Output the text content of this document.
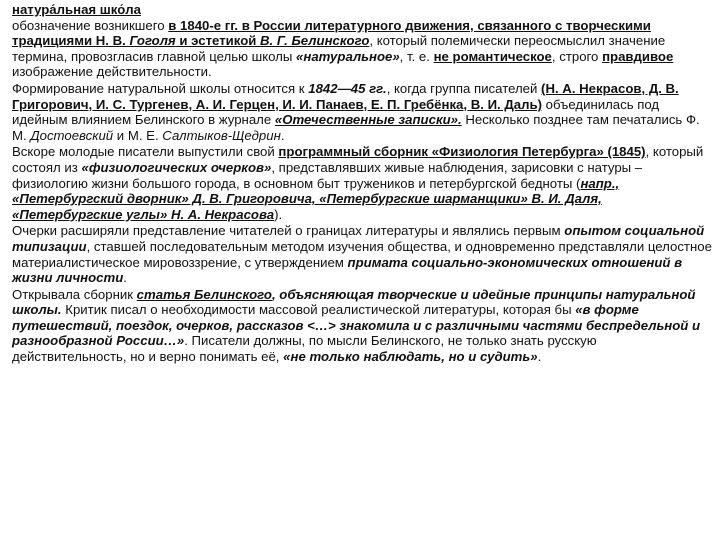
натура́льная шко́ла

обозначение возникшего в 1840-е гг. в России литературного движения, связанного с творческими традициями Н. В. Гоголя и эстетикой В. Г. Белинского, который полемически переосмыслил значение термина, провозгласив главной целью школы «натуральное», т. е. не романтическое, строго правдивое изображение действительности.

Формирование натуральной школы относится к 1842—45 гг., когда группа писателей (Н. А. Некрасов, Д. В. Григорович, И. С. Тургенев, А. И. Герцен, И. И. Панаев, Е. П. Гребёнка, В. И. Даль) объединилась под идейным влиянием Белинского в журнале «Отечественные записки». Несколько позднее там печатались Ф. М. Достоевский и М. Е. Салтыков-Щедрин.

Вскоре молодые писатели выпустили свой программный сборник «Физиология Петербурга» (1845), который состоял из «физиологических очерков», представлявших живые наблюдения, зарисовки с натуры – физиологию жизни большого города, в основном быт тружеников и петербургской бедноты (напр., «Петербургский дворник» Д. В. Григоровича, «Петербургские шарманщики» В. И. Даля, «Петербургские углы» Н. А. Некрасова).

Очерки расширяли представление читателей о границах литературы и являлись первым опытом социальной типизации, ставшей последовательным методом изучения общества, и одновременно представляли целостное материалистическое мировоззрение, с утверждением примата социально-экономических отношений в жизни личности.

Открывала сборник статья Белинского, объясняющая творческие и идейные принципы натуральной школы. Критик писал о необходимости массовой реалистической литературы, которая бы «в форме путешествий, поездок, очерков, рассказов <…> знакомила и с различными частями беспредельной и разнообразной России…». Писатели должны, по мысли Белинского, не только знать русскую действительность, но и верно понимать её, «не только наблюдать, но и судить».
